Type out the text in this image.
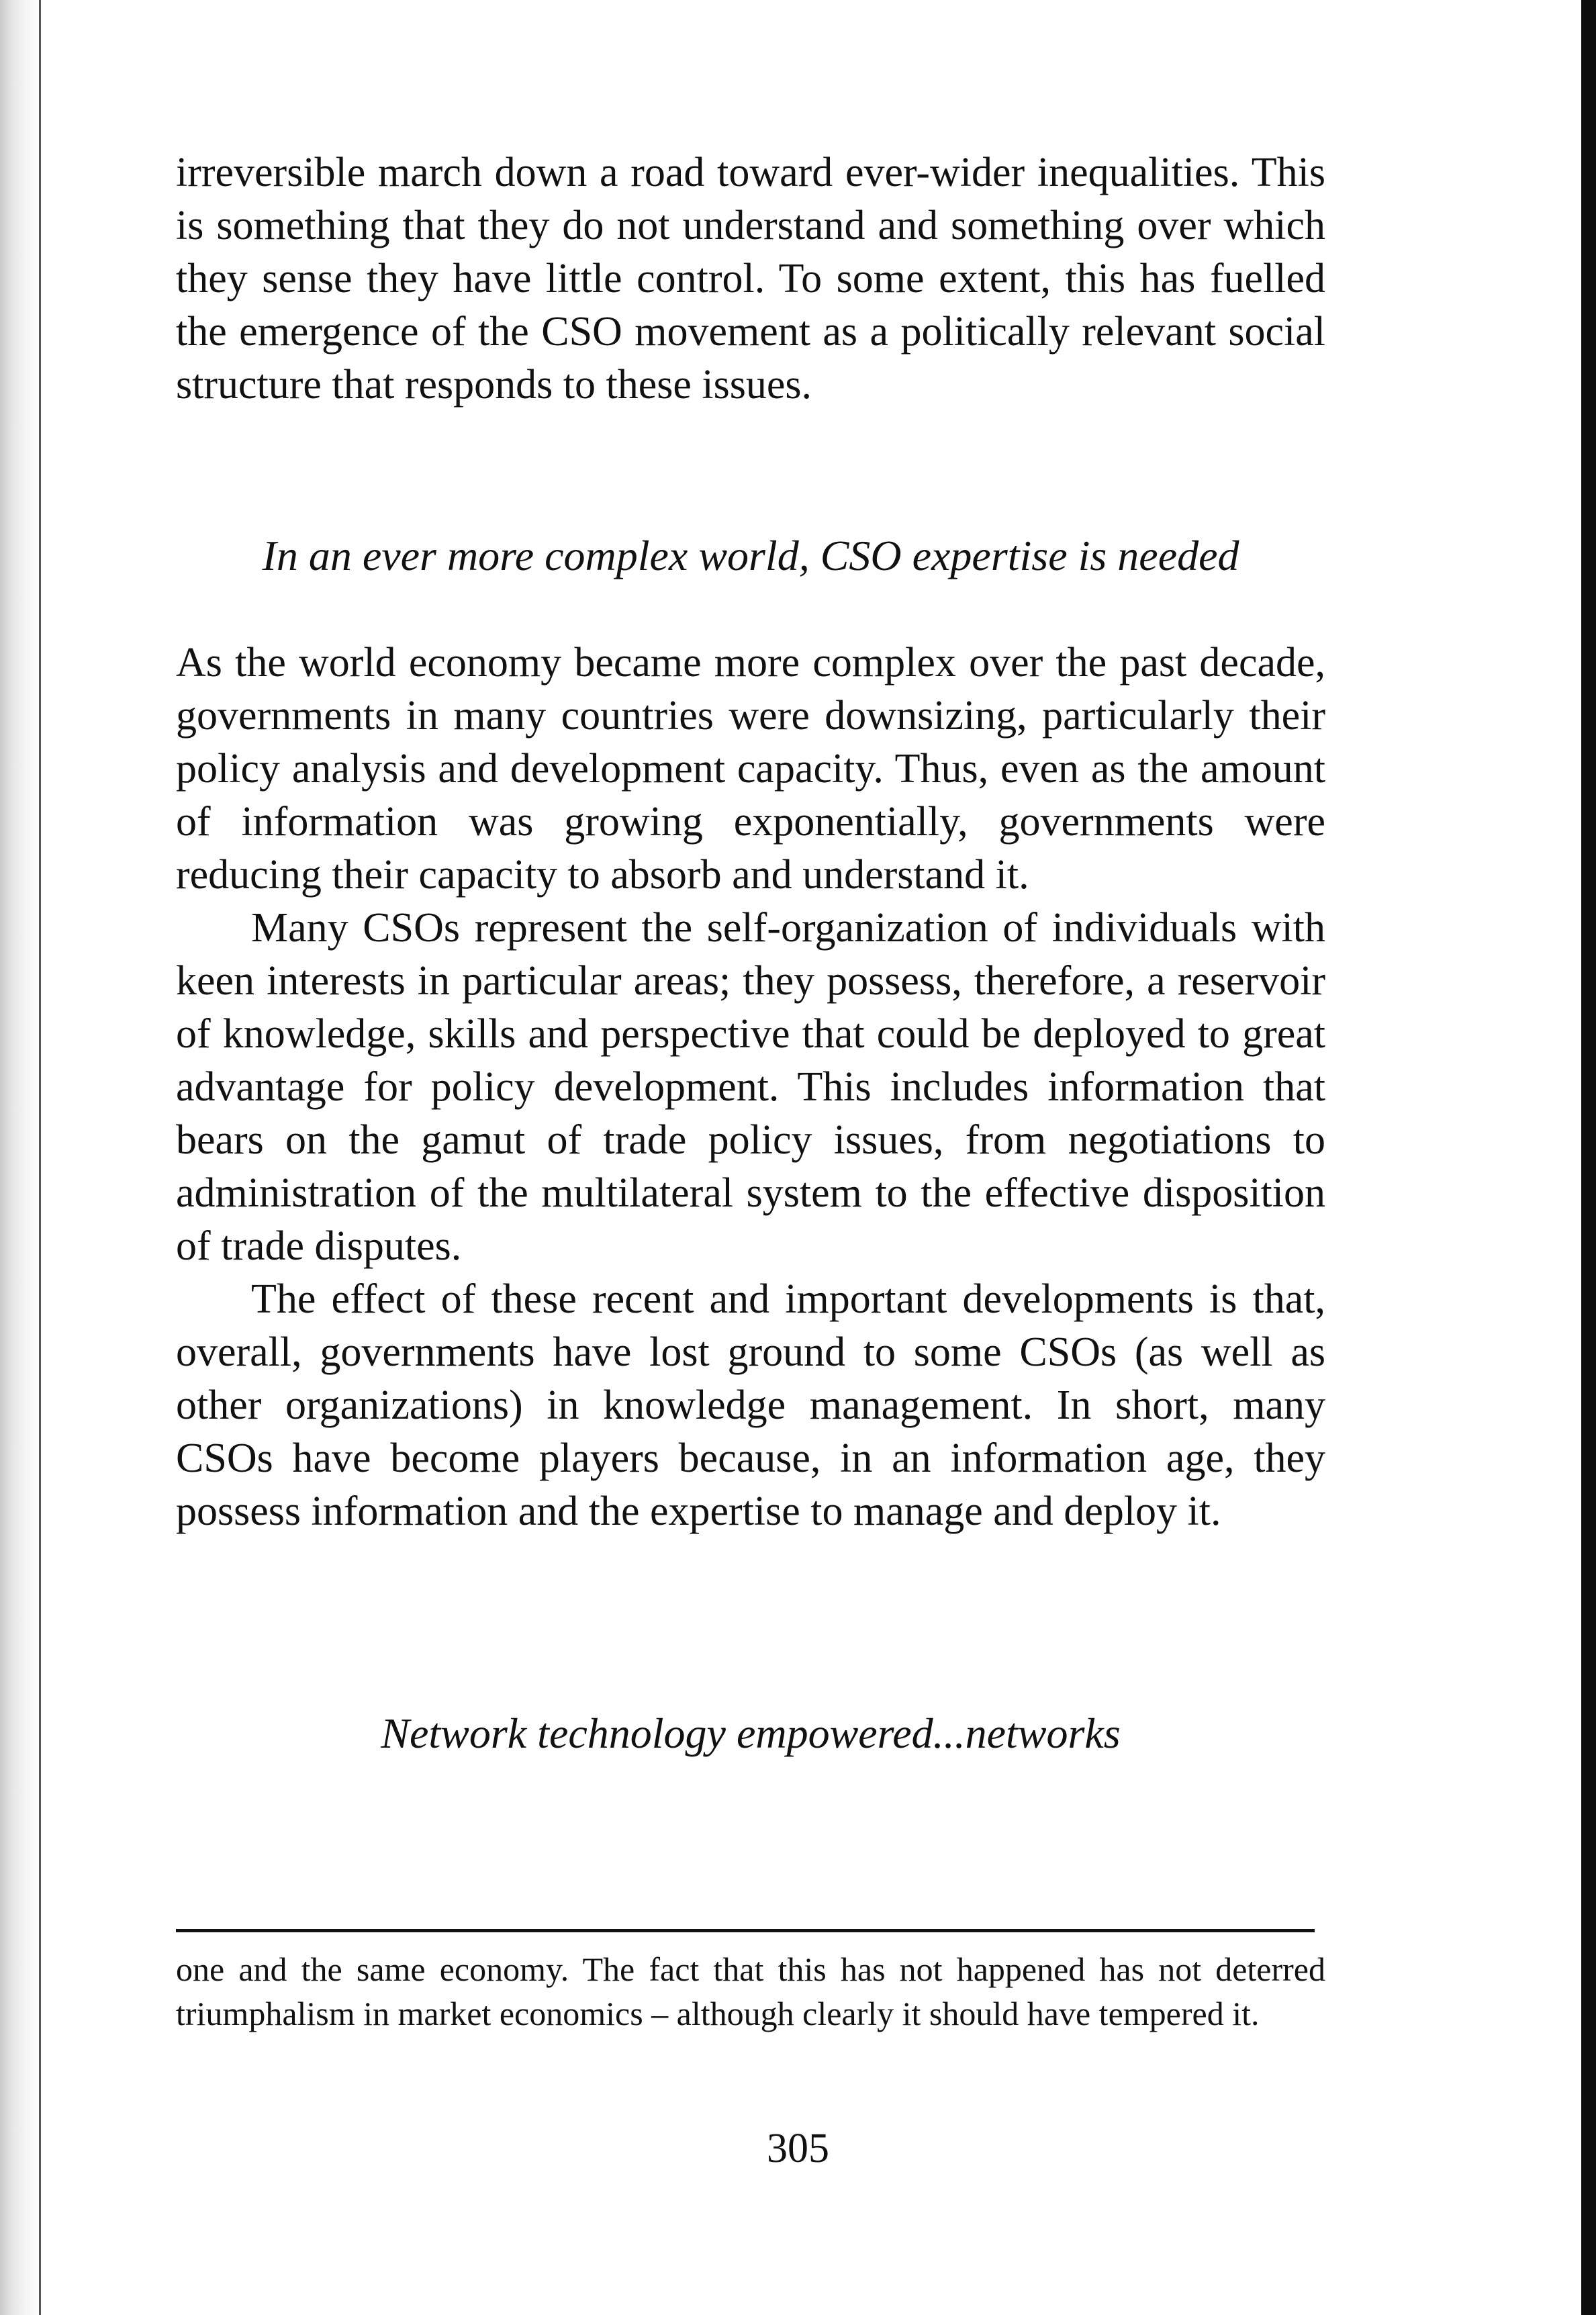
irreversible march down a road toward ever-wider inequalities. This is something that they do not understand and something over which they sense they have little control. To some extent, this has fuelled the emergence of the CSO movement as a politically relevant social structure that responds to these issues.

In an ever more complex world, CSO expertise is needed

As the world economy became more complex over the past decade, governments in many countries were downsizing, particularly their policy analysis and development capacity. Thus, even as the amount of information was growing exponentially, governments were reducing their capacity to absorb and understand it.

Many CSOs represent the self-organization of individuals with keen interests in particular areas; they possess, therefore, a reservoir of knowledge, skills and perspective that could be deployed to great advantage for policy development. This includes information that bears on the gamut of trade policy issues, from negotiations to administration of the multilateral system to the effective disposition of trade disputes.

The effect of these recent and important developments is that, overall, governments have lost ground to some CSOs (as well as other organizations) in knowledge management. In short, many CSOs have become players because, in an information age, they possess information and the expertise to manage and deploy it.

Network technology empowered...networks

one and the same economy. The fact that this has not happened has not deterred triumphalism in market economics – although clearly it should have tempered it.

305
